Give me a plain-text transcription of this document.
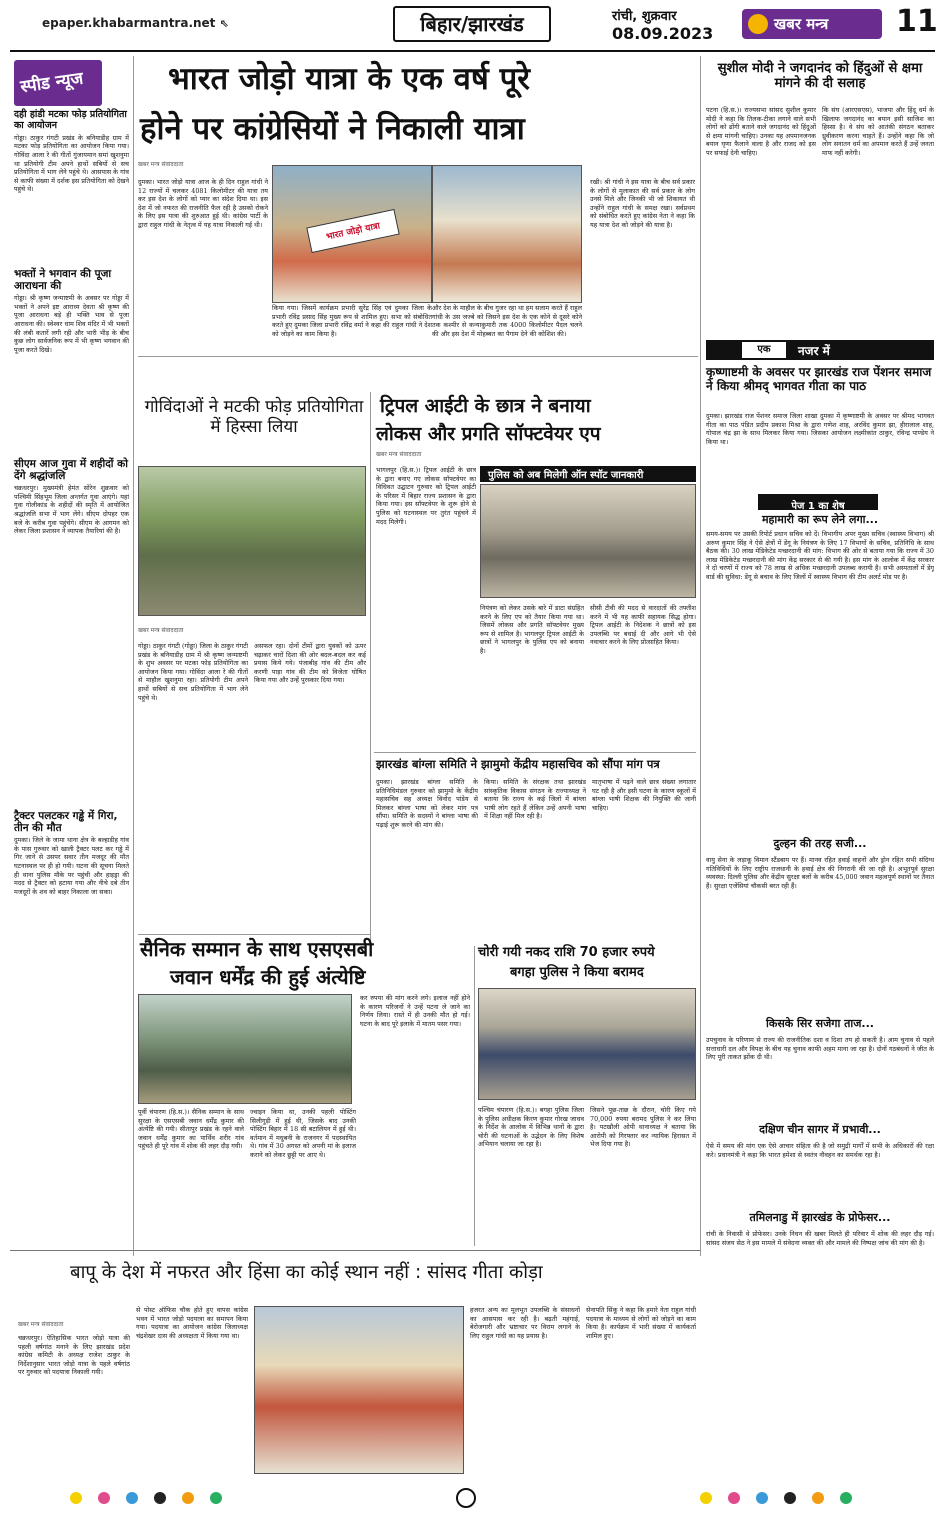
epaper.khabarmantra.net ⇖	बिहार/झारखंड	रांची, शुक्रवार
08.09.2023	खबर मन्त्र 11
स्पीड न्यूज
दही हांडी मटका फोड़ प्रतियोगिता का आयोजन
गोड्डा। ठाकुर गंगटी प्रखंड के बनियाडीह ग्राम में मटका फोड़ प्रतियोगिता का आयोजन किया गया। गोविंदा आला रे की गीतों गुंजायमान समां खुशनुमा था प्रतियोगी टीम अपने हाथों सबियों से सच प्रतियोगिता में भाग लेने पहुंचे थे। आसपास के गांव से काफी संख्या में दर्शक इस प्रतियोगिता को देखने पहुंचे थे।
भक्तों ने भगवान की पूजा आराधना की
गोड्डा। श्री कृष्ण जन्माष्टमी के अवसर पर गोड्डा में भक्तों ने अपने इष्ट आराध्य देवता श्री कृष्ण की पूजा आराधना बड़े ही भक्ति भाव से पूजा आराधना की। स्वेश्वर धाम शिव मंदिर में भी भक्तों की लंबी कतारें लगी रही और भारी भीड़ के बीच कुछ लोग सार्वजनिक रूप में भी कृष्ण भगवान की पूजा करते दिखे।
सीएम आज गुवा में शहीदों को देंगे श्रद्धांजलि
चक्रधरपुर। मुख्यमंत्री हेमंत सोरेन शुक्रवार को पश्चिमी सिंहभूम जिला अन्तर्गत गुवा आएंगे। यहां गुवा गोलीकांड के शहीदों की स्मृति में आयोजित श्रद्धांजलि सभा में भाग लेंगे। सीएम दोपहर एक बजे के करीब गुवा पहुंचेंगे। सीएम के आगमन को लेकर जिला प्रशासन ने व्यापक तैयारियां की है।
ट्रैक्टर पलटकर गड्ढे में गिरा, तीन की मौत
दुमका। जिले के जामा थाना क्षेत्र के बल्हाडीह गांव के पास गुरुवार को खाली ट्रैक्टर पलट कर गड्ढे में गिर जाने से उसपर सवार तीन मजदूर की मौत घटनास्थल पर ही हो गयी। घटना की सूचना मिलते ही थाना पुलिस मौके पर पहुंची और हाइड्रा की मदद से ट्रैक्टर को हटाया गया और नीचे दबे तीन मजदूरों के शव को बाहर निकाला जा सका।
भारत जोड़ो यात्रा के एक वर्ष पूरे
होने पर कांग्रेसियों ने निकाली यात्रा
खबर मन्त्र संवाददाता
दुमका। भारत जोड़ो यात्रा आज के ही दिन राहुल गांधी ने 12 राज्यों में चलकर 4081 किलोमीटर की यात्रा तय कर इस देश के लोगों को प्यार का संदेश दिया था। इस देश में जो नफरत की राजनीति फैल रही है उसको रोकने के लिए इस यात्रा की शुरुआत हुई थी। कांग्रेस पार्टी के द्वारा राहुल गांधी के नेतृत्व में यह यात्रा निकाली गई थी।	भारत जोड़ो यात्रा
किया गया। जिसमें कार्यक्रम प्रभारी सुरेंद्र सिंह एवं दुमका जिला के प्रभारी रविंद्र प्रसाद सिंह मुख्य रूप से शामिल हुए। सभा को संबोधित करते हुए दुमका जिला प्रभारी रविंद्र वर्मा ने कहा की राहुल गांधी ने देश को जोड़ने का काम किया है।
और देश के माहौल के बीच गुजर रहा था हम सलाम करते हैं राहुल गांधी के उस जज्बे को जिसने इस देश के एक कोने से दूसरे कोने तक कश्मीर से कन्याकुमारी तक 4000 किलोमीटर पैदल चलने की और इस देश में मोहब्बत का पैगाम देने की कोशिश की।
रखी। श्री गांधी ने इस यात्रा के बीच सर्व प्रकार के लोगों से मुलाकात की सर्व प्रकार के लोग उनसे मिले और जिनकी भी जो शिकायत थी उन्होंने राहुल गांधी के समक्ष रखा। सर्वप्रथम को संबोधित करते हुए कांग्रेस नेता ने कहा कि यह यात्रा देश को जोड़ने की यात्रा है।
सुशील मोदी ने जगदानंद को हिंदुओं से क्षमा मांगने की दी सलाह
पटना (हि.स.)। राज्यसभा सांसद सुशील कुमार मोदी ने कहा कि तिलक-टीका लगाने वाले सभी लोगों को ढोंगी बताने वाले जगदानंद को हिंदुओं से क्षमा मांगनी चाहिए। उनका यह अपमानजनक बयान घृणा फैलाने वाला है और राजद को इस पर सफाई देनी चाहिए।
कि संघ (आरएसएस), भाजपा और हिंदू धर्म के खिलाफ जगदानंद का बयान इसी साजिश का हिस्सा है। वे संघ को आतंकी संगठन बताकर ध्रुवीकरण करना चाहते हैं। उन्होंने कहा कि जो लोग सनातन धर्म का अपमान करते हैं उन्हें जनता माफ नहीं करेगी।
एक	नजर में
कृष्णाष्टमी के अवसर पर झारखंड राज पेंशनर समाज ने किया श्रीमद् भागवत गीता का पाठ
दुमका। झारखंड राज पेंशनर समाज जिला शाखा दुमका में कृष्णाष्टमी के अवसर पर श्रीमद भागवत गीता का पाठ पंडित प्रदीप प्रकाश मिश्रा के द्वारा गणेश शाह, अरविंद कुमार झा, हीरालाल शाह, गोपाल चंद्र झा के साथ मिलकर किया गया। जिसका आयोजन लक्ष्मीकांत ठाकुर, रविन्द्र पाण्डेय ने किया था।
पेज 1 का शेष
महामारी का रूप लेने लगा...
समय-समय पर उसकी रिपोर्ट प्रधान सचिव को दें। विभागीय अपर मुख्य सचिव (स्वास्थ्य विभाग) श्री अरुण कुमार सिंह ने ऐसे क्षेत्रों में डेंगू के नियंत्रण के लिए 17 विभागों के सचिव, प्रतिनिधि के साथ बैठक की। 30 लाख मेडिकेटेड मच्छरदानी की मांग: विभाग की ओर से बताया गया कि राज्य में 30 लाख मेडिकेटेड मच्छरदानी की मांग केंद्र सरकार से की गयी है। इस मांग के आलोक में केंद्र सरकार ने दो चरणों में राज्य को 78 लाख से अधिक मच्छरदानी उपलब्ध करायी है। सभी अस्पतालों में डेंगू वार्ड की सुविधा: डेंगू से बचाव के लिए जिलों में स्वास्थ्य विभाग की टीम अलर्ट मोड पर है।
दुल्हन की तरह सजी...
वायु सेना के लड़ाकू विमान स्टैंडबाय पर हैं। मानव रहित हवाई वाहनों और ड्रोन रहित सभी संदिग्ध गतिविधियों के लिए राष्ट्रीय राजधानी के हवाई क्षेत्र की निगरानी की जा रही है। अभूतपूर्व सुरक्षा व्यवस्था: दिल्ली पुलिस और केंद्रीय सुरक्षा बलों के करीब 45,000 जवान महत्वपूर्ण स्थानों पर तैनात हैं। सुरक्षा एजेंसियां चौकसी बरत रही हैं।
किसके सिर सजेगा ताज...
उपचुनाव के परिणाम से राज्य की राजनीतिक दशा व दिशा तय हो सकती है। आम चुनाव से पहले सत्ताधारी दल और विपक्ष के बीच यह चुनाव काफी अहम माना जा रहा है। दोनों गठबंधनों ने जीत के लिए पूरी ताकत झोंक दी थी।
दक्षिण चीन सागर में प्रभावी...
ऐसे में समय की मांग एक ऐसे आचार संहिता की है जो समुद्री मार्गों में सभी के अधिकारों की रक्षा करे। प्रधानमंत्री ने कहा कि भारत हमेशा से स्वतंत्र नौवहन का समर्थक रहा है।
तमिलनाडु में झारखंड के प्रोफेसर...
रांची के निवासी थे प्रोफेसर। उनके निधन की खबर मिलते ही परिवार में शोक की लहर दौड़ गई। सांसद संजय सेठ ने इस मामले में संवेदना व्यक्त की और मामले की निष्पक्ष जांच की मांग की है।
गोविंदाओं ने मटकी फोड़ प्रतियोगिता में हिस्सा लिया
खबर मन्त्र संवाददाता
गोड्डा। ठाकुर गंगटी (गोड्डा) जिला के ठाकुर गंगटी प्रखंड के बनियाडीह ग्राम में श्री कृष्ण जन्माष्टमी के शुभ अवसर पर मटका फोड़ प्रतियोगिता का आयोजन किया गया। गोविंदा आला रे की गीतों से माहौल खुशनुमा रहा। प्रतियोगी टीम अपने हाथों सबियों से सच प्रतियोगिता में भाग लेने पहुंचे थे।
असफल रहा। दोनों टीमों द्वारा युवकों को ऊपर चढ़ाकर चारों दिशा की ओर बदल-बदल कर कई प्रयास किये गये। पंजाबीह गांव की टीम और करणी पाड़ा गांव की टीम को विजेता घोषित किया गया और उन्हें पुरस्कार दिया गया।
ट्रिपल आईटी के छात्र ने बनाया
लोकस और प्रगति सॉफ्टवेयर एप
खबर मन्त्र संवाददाता
भागलपुर (हि.स.)। ट्रिपल आईटी के छात्र के द्वारा बनाए गए लोकस सॉफ्टवेयर का विधिवत उद्घाटन गुरुवार को ट्रिपल आईटी के परिसर में बिहार राज्य प्रशासन के द्वारा किया गया। इस सॉफ्टवेयर के शुरू होने से पुलिस को घटनास्थल पर तुरंत पहुंचने में मदद मिलेगी।
पुलिस को अब मिलेगी ऑन स्पॉट जानकारी
नियंत्रण को लेकर उसके बारे में डाटा संग्रहित करने के लिए एप को तैयार किया गया था। जिसमें लोकस और प्रगति सॉफ्टवेयर मुख्य रूप से शामिल है। भागलपुर ट्रिपल आईटी के छात्रों ने भागलपुर के पुलिस एप को बनाया है।
सीसी टीवी की मदद से वारदातों की तफ्तीश करने में भी यह काफी सहायक सिद्ध होगा। ट्रिपल आईटी के निदेशक ने छात्रों को इस उपलब्धि पर बधाई दी और आगे भी ऐसे नवाचार करने के लिए प्रोत्साहित किया।
झारखंड बांग्ला समिति ने झामुमो केंद्रीय महासचिव को सौंपा मांग पत्र
दुमका। झारखंड बांग्ला समिति के प्रतिनिधिमंडल गुरुवार को झामुमो के केंद्रीय महासचिव सह अध्यक्ष विनोद पांडेय से मिलकर बांग्ला भाषा को लेकर मांग पत्र सौंपा। समिति के सदस्यों ने बांग्ला भाषा की पढ़ाई शुरू करने की मांग की।
किया। समिति के संरक्षक तथा झारखंड सांस्कृतिक विकास संगठन के राज्याध्यक्ष ने बताया कि राज्य के कई जिलों में बांग्ला भाषी लोग रहते हैं लेकिन उन्हें अपनी भाषा में शिक्षा नहीं मिल रही है।
मातृभाषा में पढ़ने वाले छात्र संख्या लगातार घट रही है और इसी घटना के कारण स्कूलों में बांग्ला भाषी शिक्षक की नियुक्ति की जानी चाहिए।
सैनिक सम्मान के साथ एसएसबी
जवान धर्मेंद्र की हुई अंत्येष्टि
कर रुपया की मांग करने लगे। इलाज नहीं होने के कारण परिजनों ने उन्हें पटना ले जाने का निर्णय लिया। रास्ते में ही उनकी मौत हो गई। घटना के बाद पूरे इलाके में मातम पसर गया।
पूर्वी चंपारण (हि.स.)। सैनिक सम्मान के साथ सुरक्षा के एसएसबी जवान धर्मेंद्र कुमार की अंत्येष्टि की गयी। सीतापुर प्रखंड के रहने वाले जवान धर्मेंद्र कुमार का पार्थिव शरीर गांव पहुंचते ही पूरे गांव में शोक की लहर दौड़ गयी।
ज्वाइन किया था, उनकी पहली पोस्टिंग सिलीगुड़ी में हुई थी, जिसके बाद उनकी पोस्टिंग बिहार में 18 सी बटालियन में हुई थी। वर्तमान में मधुबनी के राजनगर में पदस्थापित थे। गांव में 30 अगस्त को अपनी मां के इलाज कराने को लेकर छुट्टी पर आए थे।
चोरी गयी नकद राशि 70 हजार रुपये
बगहा पुलिस ने किया बरामद
पश्चिम चंपारण (हि.स.)। बगहा पुलिस जिला के पुलिस अधीक्षक किरण कुमार गोरख जाधव के निर्देश के आलोक में विभिन्न थानों के द्वारा चोरी की घटनाओं के उद्भेदन के लिए विशेष अभियान चलाया जा रहा है।
जिसने पूछ-ताछ के दौरान, चोरी किए गये 70,000 रुपया बरामद पुलिस ने कर लिया है। पटखौली ओपी थानाध्यक्ष ने बताया कि आरोपी को गिरफ्तार कर न्यायिक हिरासत में भेज दिया गया है।
बापू के देश में नफरत और हिंसा का कोई स्थान नहीं : सांसद गीता कोड़ा
खबर मन्त्र संवाददाता
चक्रधरपुर। ऐतिहासिक भारत जोड़ो यात्रा की पहली वर्षगांठ मनाने के लिए झारखंड प्रदेश कांग्रेस कमिटी के अध्यक्ष राजेश ठाकुर के निर्देशानुसार भारत जोड़ो यात्रा के पहले वर्षगांठ पर गुरुवार को पदयात्रा निकाली गयी।
से पोस्ट ऑफिस चौक होते हुए वापस कांग्रेस भवन में भारत जोड़ो पदयात्रा का समापन किया गया। पदयात्रा का आयोजन कांग्रेस जिलाध्यक्ष चंद्रशेखर दास की अध्यक्षता में किया गया था।
हजरत अन्य का मूलभूत उपलब्धि के संसाधनों का आसपास कर रही है। बढ़ती महंगाई, बेरोजगारी और भ्रष्टाचार पर विराम लगाने के लिए राहुल गांधी का यह प्रयास है।
सेनापति सिंकू ने कहा कि हमारे नेता राहुल गांधी पदयात्रा के माध्यम से लोगों को जोड़ने का काम किया है। कार्यक्रम में भारी संख्या में कार्यकर्ता शामिल हुए।
